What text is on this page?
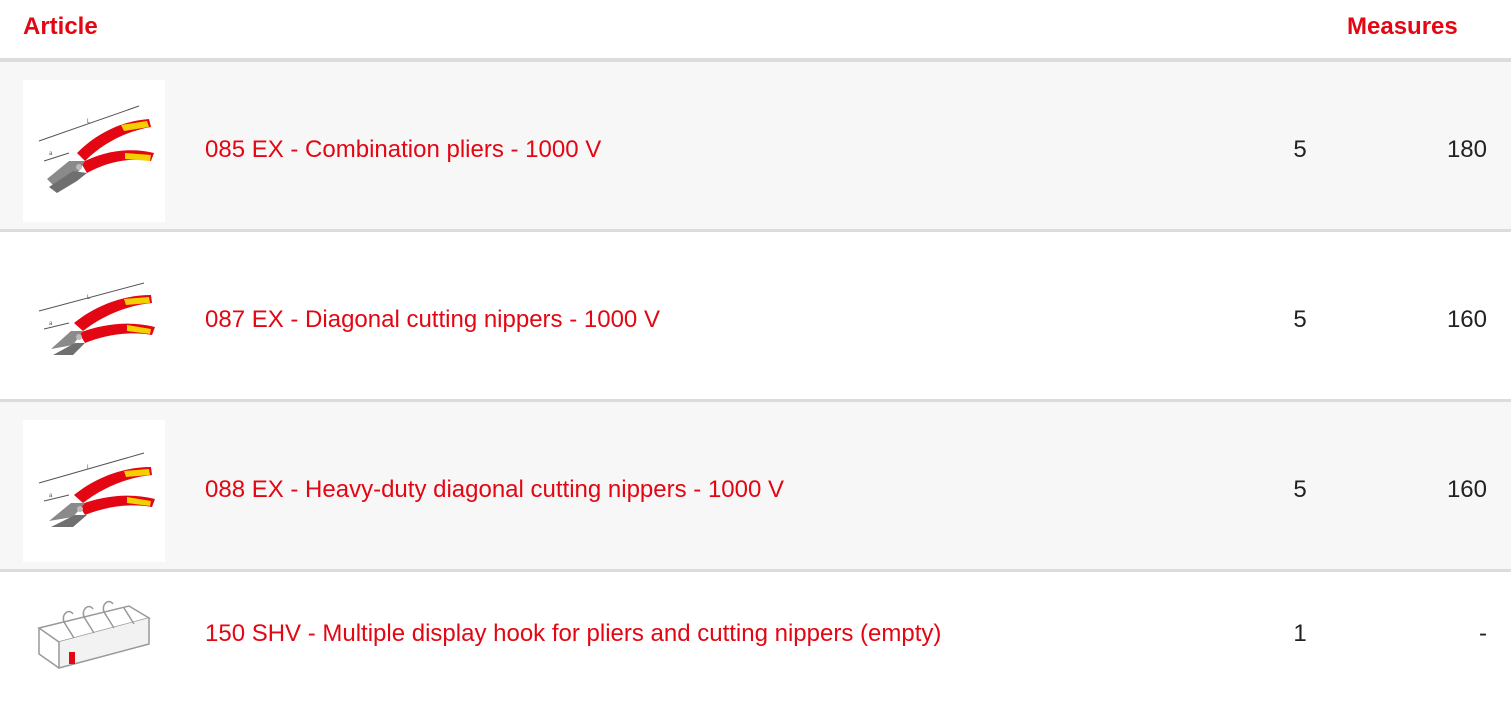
Article	Measures
L
a	085 EX - Combination pliers - 1000 V	5	180
L
a	087 EX - Diagonal cutting nippers - 1000 V	5	160
L
a	088 EX - Heavy-duty diagonal cutting nippers - 1000 V	5	160
150 SHV - Multiple display hook for pliers and cutting nippers (empty)	1	-
